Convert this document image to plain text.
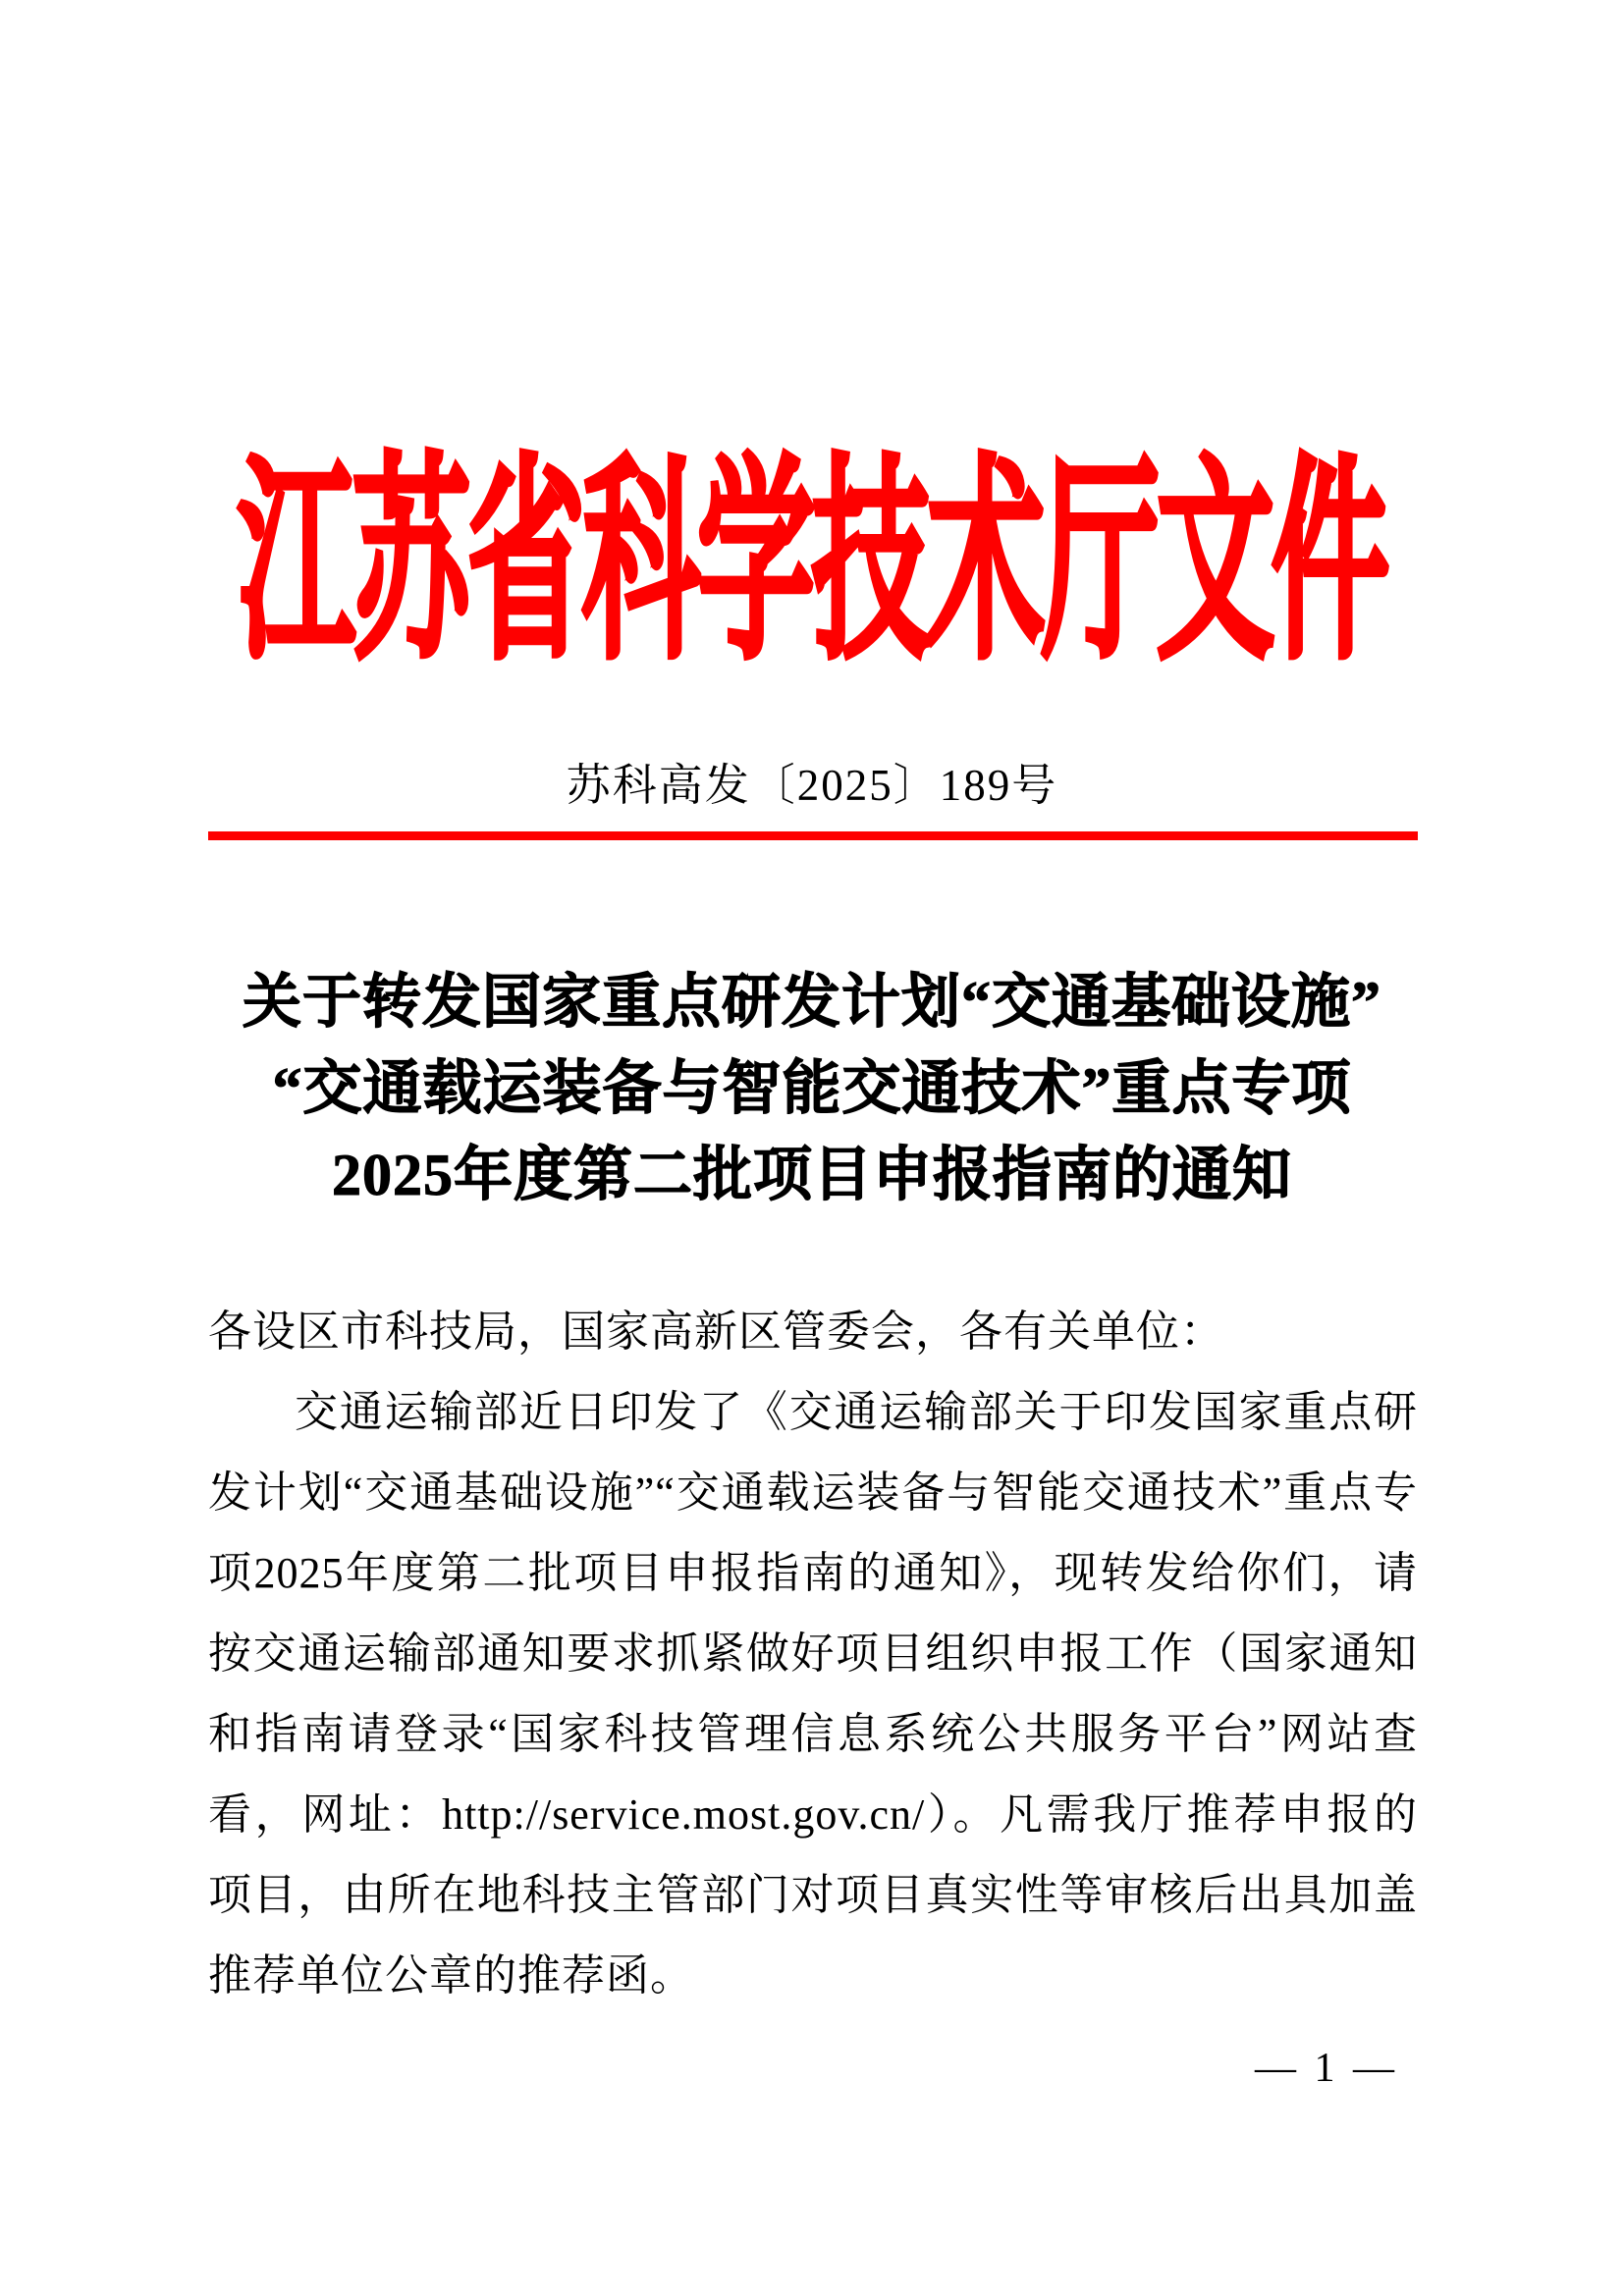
江苏省科学技术厅文件
苏科高发〔2025〕189号
关于转发国家重点研发计划“交通基础设施”
“交通载运装备与智能交通技术”重点专项
2025年度第二批项目申报指南的通知

各设区市科技局，国家高新区管委会，各有关单位：

交通运输部近日印发了《交通运输部关于印发国家重点研发计划“交通基础设施”“交通载运装备与智能交通技术”重点专项2025年度第二批项目申报指南的通知》，现转发给你们，请按交通运输部通知要求抓紧做好项目组织申报工作（国家通知和指南请登录“国家科技管理信息系统公共服务平台”网站查看，网址：http://service.most.gov.cn/）。凡需我厅推荐申报的项目，由所在地科技主管部门对项目真实性等审核后出具加盖推荐单位公章的推荐函。

— 1 —
